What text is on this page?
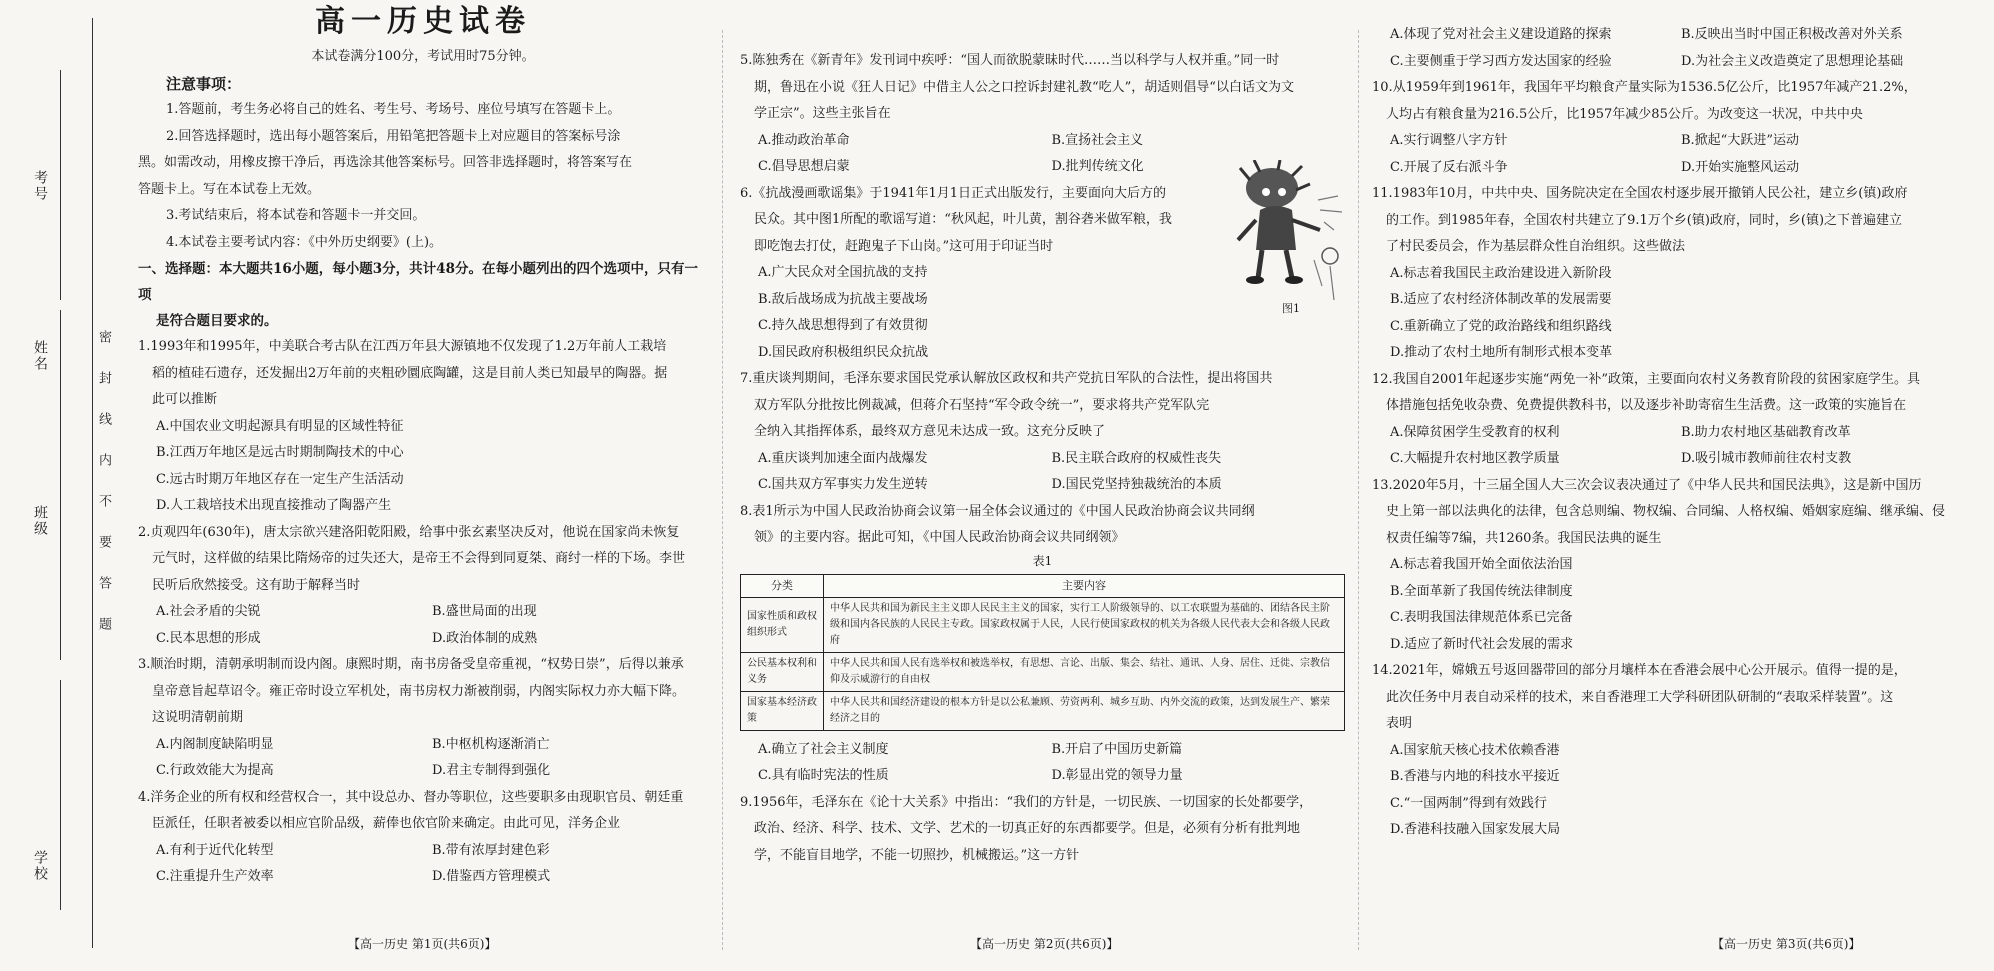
考号
姓名
班级
学校
密封线内不要答题

高一历史试卷

本试卷满分100分，考试用时75分钟。

注意事项：

1.答题前，考生务必将自己的姓名、考生号、考场号、座位号填写在答题卡上。

2.回答选择题时，选出每小题答案后，用铅笔把答题卡上对应题目的答案标号涂

黑。如需改动，用橡皮擦干净后，再选涂其他答案标号。回答非选择题时，将答案写在

答题卡上。写在本试卷上无效。

3.考试结束后，将本试卷和答题卡一并交回。

4.本试卷主要考试内容：《中外历史纲要》(上)。

一、选择题：本大题共16小题，每小题3分，共计48分。在每小题列出的四个选项中，只有一项
是符合题目要求的。

1.1993年和1995年，中美联合考古队在江西万年县大源镇地不仅发现了1.2万年前人工栽培

稻的植硅石遗存，还发掘出2万年前的夹粗砂圜底陶罐，这是目前人类已知最早的陶器。据

此可以推断

A.中国农业文明起源具有明显的区域性特征

B.江西万年地区是远古时期制陶技术的中心

C.远古时期万年地区存在一定生产生活活动

D.人工栽培技术出现直接推动了陶器产生

2.贞观四年(630年)，唐太宗欲兴建洛阳乾阳殿，给事中张玄素坚决反对，他说在国家尚未恢复

元气时，这样做的结果比隋炀帝的过失还大，是帝王不会得到同夏桀、商纣一样的下场。李世

民听后欣然接受。这有助于解释当时

A.社会矛盾的尖锐	B.盛世局面的出现
C.民本思想的形成	D.政治体制的成熟

3.顺治时期，清朝承明制而设内阁。康熙时期，南书房备受皇帝重视，“权势日崇”，后得以兼承

皇帝意旨起草诏令。雍正帝时设立军机处，南书房权力渐被削弱，内阁实际权力亦大幅下降。

这说明清朝前期

A.内阁制度缺陷明显	B.中枢机构逐渐消亡
C.行政效能大为提高	D.君主专制得到强化

4.洋务企业的所有权和经营权合一，其中设总办、督办等职位，这些要职多由现职官员、朝廷重

臣派任，任职者被委以相应官阶品级，薪俸也依官阶来确定。由此可见，洋务企业

A.有利于近代化转型	B.带有浓厚封建色彩
C.注重提升生产效率	D.借鉴西方管理模式
【高一历史 第1页(共6页)】

5.陈独秀在《新青年》发刊词中疾呼：“国人而欲脱蒙昧时代……当以科学与人权并重。”同一时

期，鲁迅在小说《狂人日记》中借主人公之口控诉封建礼教“吃人”，胡适则倡导“以白话文为文

学正宗”。这些主张旨在

A.推动政治革命	B.宣扬社会主义
C.倡导思想启蒙	D.批判传统文化

6.《抗战漫画歌谣集》于1941年1月1日正式出版发行，主要面向大后方的

民众。其中图1所配的歌谣写道：“秋风起，叶儿黄，割谷砻米做军粮，我

即吃饱去打仗，赶跑鬼子下山岗。”这可用于印证当时

A.广大民众对全国抗战的支持

B.敌后战场成为抗战主要战场

C.持久战思想得到了有效贯彻

D.国民政府积极组织民众抗战

7.重庆谈判期间，毛泽东要求国民党承认解放区政权和共产党抗日军队的合法性，提出将国共

双方军队分批按比例裁减，但蒋介石坚持“军令政令统一”，要求将共产党军队完

全纳入其指挥体系，最终双方意见未达成一致。这充分反映了

A.重庆谈判加速全面内战爆发	B.民主联合政府的权威性丧失
C.国共双方军事实力发生逆转	D.国民党坚持独裁统治的本质

8.表1所示为中国人民政治协商会议第一届全体会议通过的《中国人民政治协商会议共同纲

领》的主要内容。据此可知，《中国人民政治协商会议共同纲领》

表1
分类	主要内容
国家性质和政权组织形式	中华人民共和国为新民主主义即人民民主主义的国家，实行工人阶级领导的、以工农联盟为基础的、团结各民主阶级和国内各民族的人民民主专政。国家政权属于人民，人民行使国家政权的机关为各级人民代表大会和各级人民政府
公民基本权利和义务	中华人民共和国人民有选举权和被选举权，有思想、言论、出版、集会、结社、通讯、人身、居住、迁徙、宗教信仰及示威游行的自由权
国家基本经济政策	中华人民共和国经济建设的根本方针是以公私兼顾、劳资两利、城乡互助、内外交流的政策，达到发展生产、繁荣经济之目的
A.确立了社会主义制度	B.开启了中国历史新篇
C.具有临时宪法的性质	D.彰显出党的领导力量

9.1956年，毛泽东在《论十大关系》中指出：“我们的方针是，一切民族、一切国家的长处都要学，

政治、经济、科学、技术、文学、艺术的一切真正好的东西都要学。但是，必须有分析有批判地

学，不能盲目地学，不能一切照抄，机械搬运。”这一方针

【高一历史 第2页(共6页)】
图1
A.体现了党对社会主义建设道路的探索	B.反映出当时中国正积极改善对外关系
C.主要侧重于学习西方发达国家的经验	D.为社会主义改造奠定了思想理论基础

10.从1959年到1961年，我国年平均粮食产量实际为1536.5亿公斤，比1957年减产21.2%，

人均占有粮食量为216.5公斤，比1957年减少85公斤。为改变这一状况，中共中央

A.实行调整八字方针	B.掀起“大跃进”运动
C.开展了反右派斗争	D.开始实施整风运动

11.1983年10月，中共中央、国务院决定在全国农村逐步展开撤销人民公社，建立乡(镇)政府

的工作。到1985年春，全国农村共建立了9.1万个乡(镇)政府，同时，乡(镇)之下普遍建立

了村民委员会，作为基层群众性自治组织。这些做法

A.标志着我国民主政治建设进入新阶段

B.适应了农村经济体制改革的发展需要

C.重新确立了党的政治路线和组织路线

D.推动了农村土地所有制形式根本变革

12.我国自2001年起逐步实施“两免一补”政策，主要面向农村义务教育阶段的贫困家庭学生。具

体措施包括免收杂费、免费提供教科书，以及逐步补助寄宿生生活费。这一政策的实施旨在

A.保障贫困学生受教育的权利	B.助力农村地区基础教育改革
C.大幅提升农村地区教学质量	D.吸引城市教师前往农村支教

13.2020年5月，十三届全国人大三次会议表决通过了《中华人民共和国民法典》，这是新中国历

史上第一部以法典化的法律，包含总则编、物权编、合同编、人格权编、婚姻家庭编、继承编、侵

权责任编等7编，共1260条。我国民法典的诞生

A.标志着我国开始全面依法治国

B.全面革新了我国传统法律制度

C.表明我国法律规范体系已完备

D.适应了新时代社会发展的需求

14.2021年，嫦娥五号返回器带回的部分月壤样本在香港会展中心公开展示。值得一提的是，

此次任务中月表自动采样的技术，来自香港理工大学科研团队研制的“表取采样装置”。这

表明

A.国家航天核心技术依赖香港

B.香港与内地的科技水平接近

C.“一国两制”得到有效践行

D.香港科技融入国家发展大局

【高一历史 第3页(共6页)】
